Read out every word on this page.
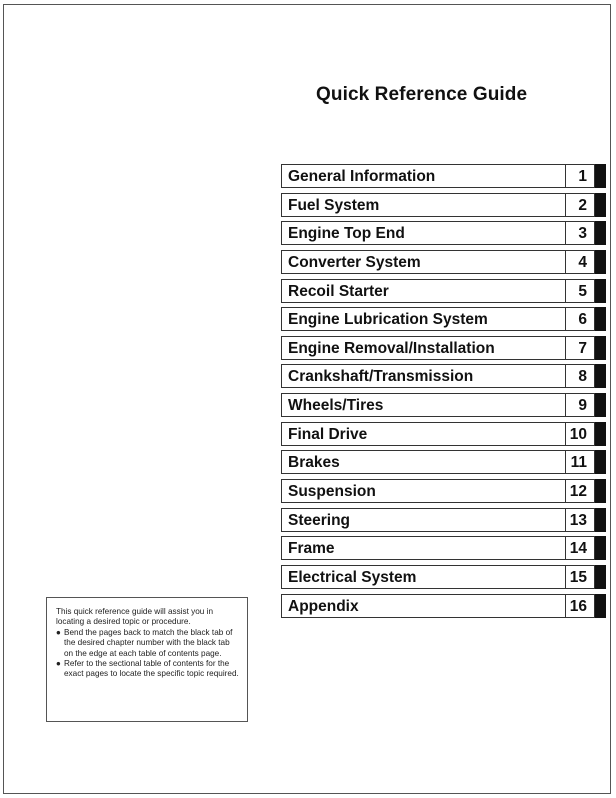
Quick Reference Guide
General Information	1
Fuel System	2
Engine Top End	3
Converter System	4
Recoil Starter	5
Engine Lubrication System	6
Engine Removal/Installation	7
Crankshaft/Transmission	8
Wheels/Tires	9
Final Drive	10
Brakes	11
Suspension	12
Steering	13
Frame	14
Electrical System	15
Appendix	16

This quick reference guide will assist you in locating a desired topic or procedure.

● Bend the pages back to match the black tab of the desired chapter number with the black tab on the edge at each table of contents page.

● Refer to the sectional table of contents for the exact pages to locate the specific topic required.
